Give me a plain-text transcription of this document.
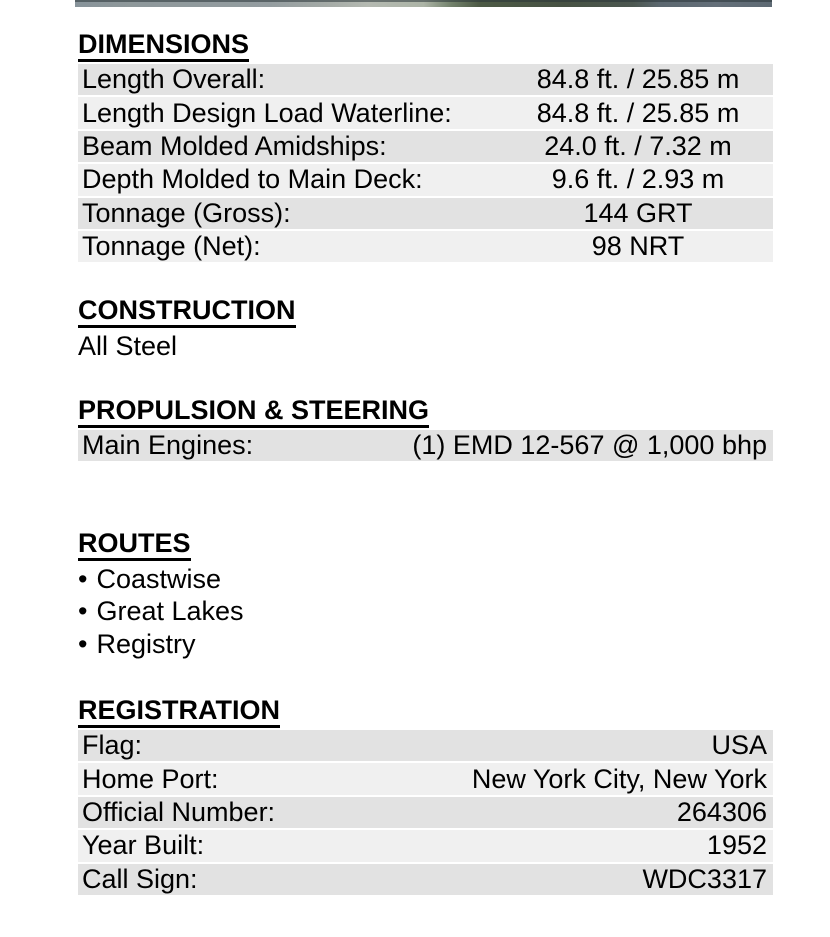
DIMENSIONS
Length Overall:	84.8 ft. / 25.85 m
Length Design Load Waterline:	84.8 ft. / 25.85 m
Beam Molded Amidships:	24.0 ft. / 7.32 m
Depth Molded to Main Deck:	9.6 ft. / 2.93 m
Tonnage (Gross):	144 GRT
Tonnage (Net):	98 NRT
CONSTRUCTION
All Steel
PROPULSION & STEERING
Main Engines:	(1) EMD 12-567 @ 1,000 bhp
ROUTES
• Coastwise
• Great Lakes
• Registry
REGISTRATION
Flag:	USA
Home Port:	New York City, New York
Official Number:	264306
Year Built:	1952
Call Sign:	WDC3317
